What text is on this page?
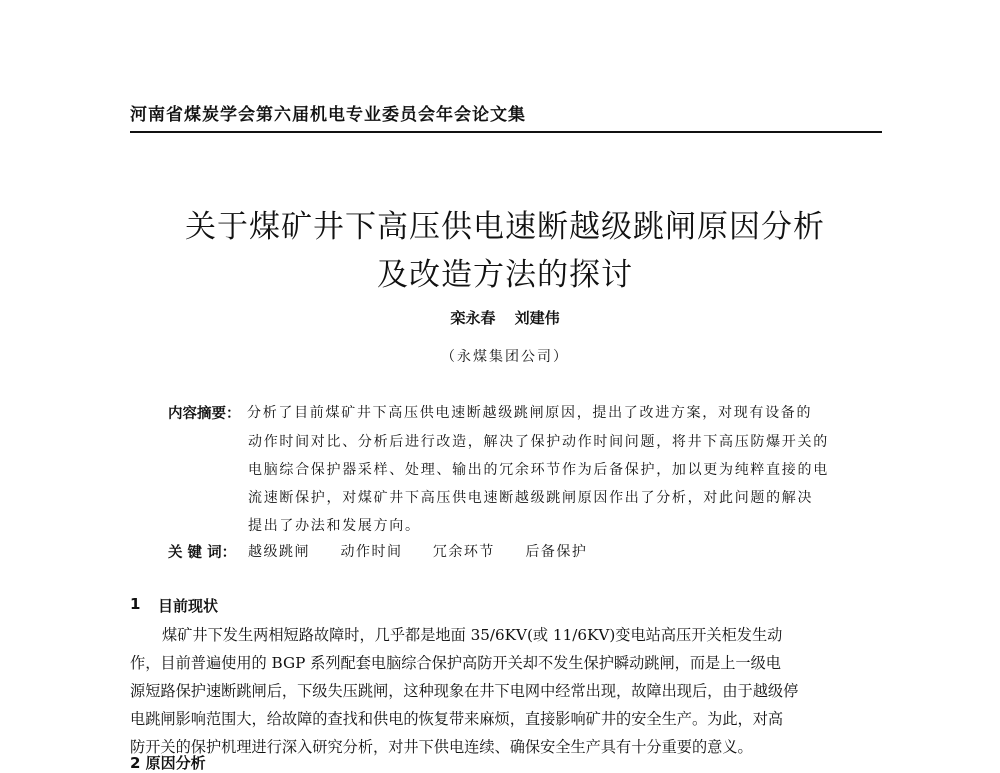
河南省煤炭学会第六届机电专业委员会年会论文集
关于煤矿井下高压供电速断越级跳闸原因分析
及改造方法的探讨
栾永春 刘建伟
（永煤集团公司）
内容摘要： 分析了目前煤矿井下高压供电速断越级跳闸原因，提出了改进方案，对现有设备的
动作时间对比、分析后进行改造，解决了保护动作时间问题，将井下高压防爆开关的
电脑综合保护器采样、处理、输出的冗余环节作为后备保护，加以更为纯粹直接的电
流速断保护，对煤矿井下高压供电速断越级跳闸原因作出了分析，对此问题的解决
提出了办法和发展方向。
关 键 词： 越级跳闸 动作时间 冗余环节 后备保护
1 目前现状
煤矿井下发生两相短路故障时，几乎都是地面 35/6KV(或 11/6KV)变电站高压开关柜发生动
作，目前普遍使用的 BGP 系列配套电脑综合保护高防开关却不发生保护瞬动跳闸，而是上一级电
源短路保护速断跳闸后，下级失压跳闸，这种现象在井下电网中经常出现，故障出现后，由于越级停
电跳闸影响范围大，给故障的查找和供电的恢复带来麻烦，直接影响矿井的安全生产。为此，对高
防开关的保护机理进行深入研究分析，对井下供电连续、确保安全生产具有十分重要的意义。
2 原因分析
